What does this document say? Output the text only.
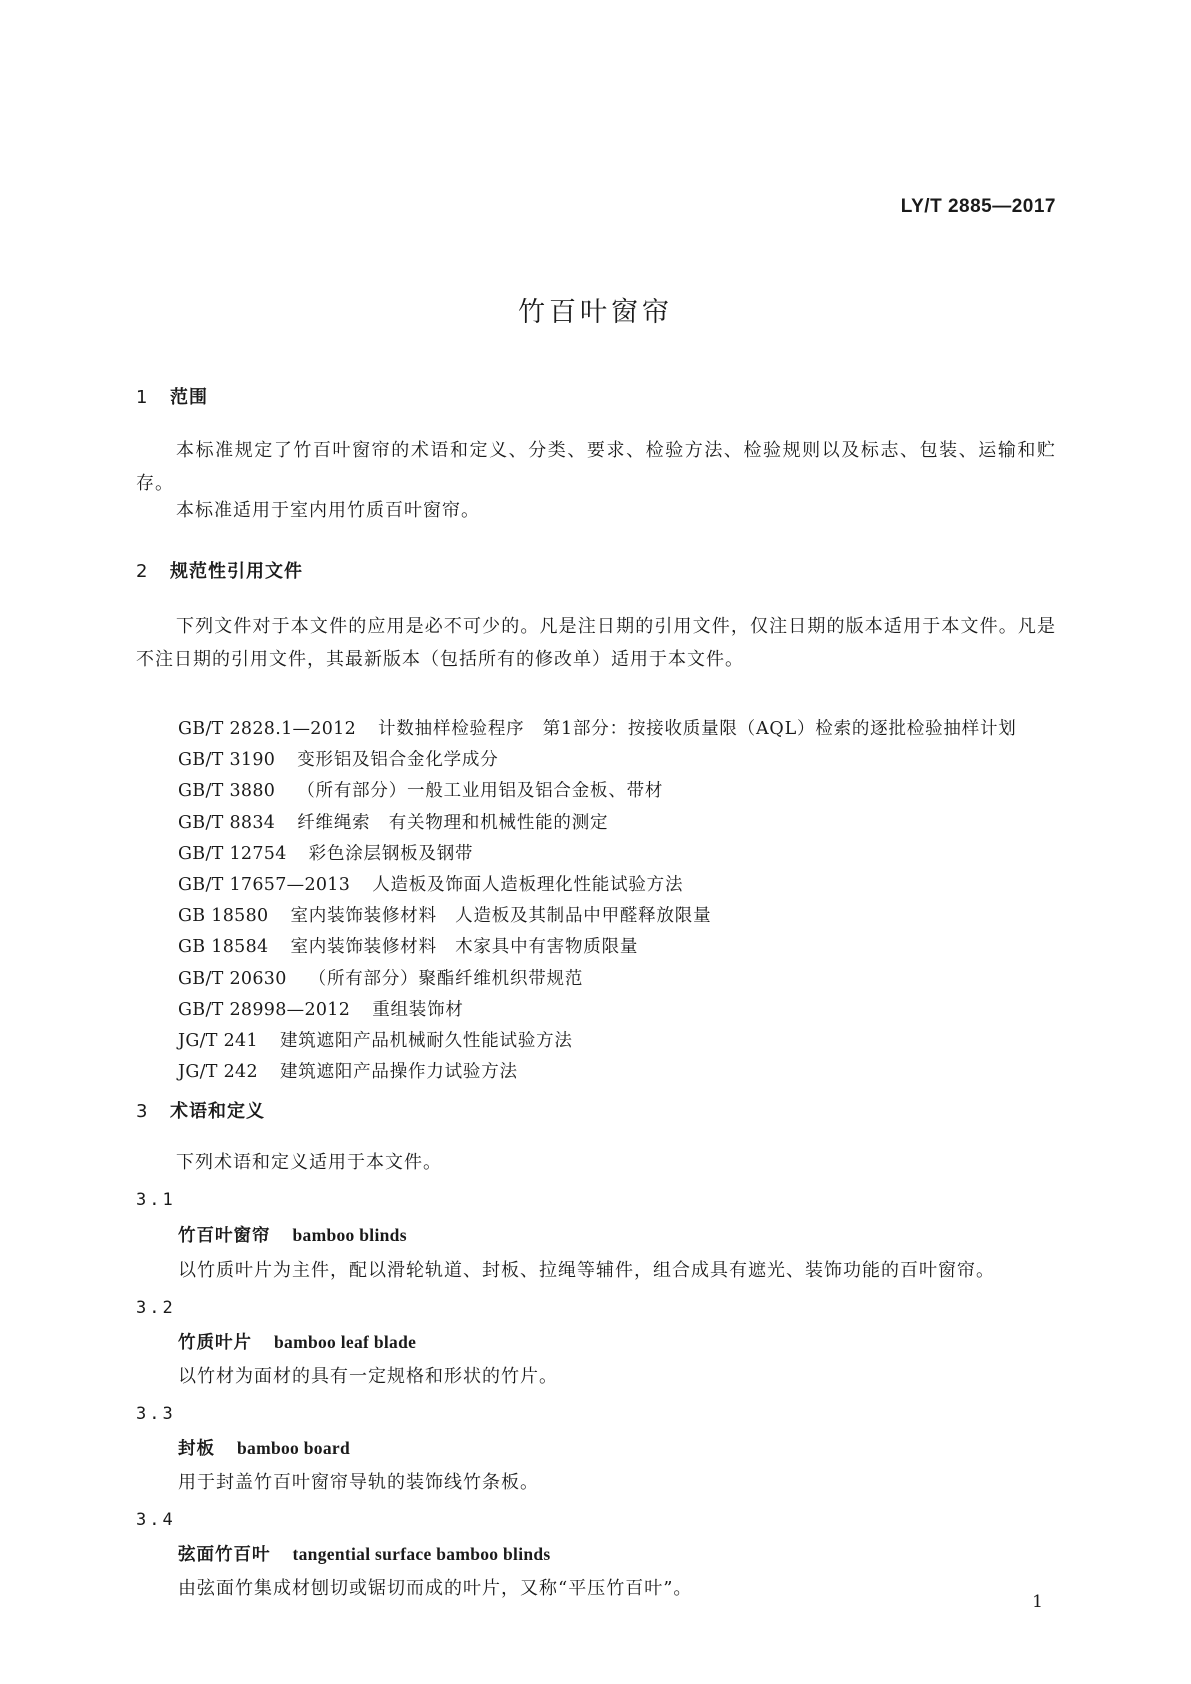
LY/T 2885—2017
竹百叶窗帘
1 范围
本标准规定了竹百叶窗帘的术语和定义、分类、要求、检验方法、检验规则以及标志、包装、运输和贮存。
本标准适用于室内用竹质百叶窗帘。
2 规范性引用文件
下列文件对于本文件的应用是必不可少的。凡是注日期的引用文件，仅注日期的版本适用于本文件。凡是不注日期的引用文件，其最新版本（包括所有的修改单）适用于本文件。
GB/T 2828.1—2012 计数抽样检验程序　第1部分：按接收质量限（AQL）检索的逐批检验抽样计划
GB/T 3190 变形铝及铝合金化学成分
GB/T 3880 （所有部分）一般工业用铝及铝合金板、带材
GB/T 8834 纤维绳索　有关物理和机械性能的测定
GB/T 12754 彩色涂层钢板及钢带
GB/T 17657—2013 人造板及饰面人造板理化性能试验方法
GB 18580 室内装饰装修材料　人造板及其制品中甲醛释放限量
GB 18584 室内装饰装修材料　木家具中有害物质限量
GB/T 20630 （所有部分）聚酯纤维机织带规范
GB/T 28998—2012 重组装饰材
JG/T 241 建筑遮阳产品机械耐久性能试验方法
JG/T 242 建筑遮阳产品操作力试验方法
3 术语和定义
下列术语和定义适用于本文件。
3.1
竹百叶窗帘 bamboo blinds
以竹质叶片为主件，配以滑轮轨道、封板、拉绳等辅件，组合成具有遮光、装饰功能的百叶窗帘。
3.2
竹质叶片 bamboo leaf blade
以竹材为面材的具有一定规格和形状的竹片。
3.3
封板 bamboo board
用于封盖竹百叶窗帘导轨的装饰线竹条板。
3.4
弦面竹百叶 tangential surface bamboo blinds
由弦面竹集成材刨切或锯切而成的叶片，又称“平压竹百叶”。
1
